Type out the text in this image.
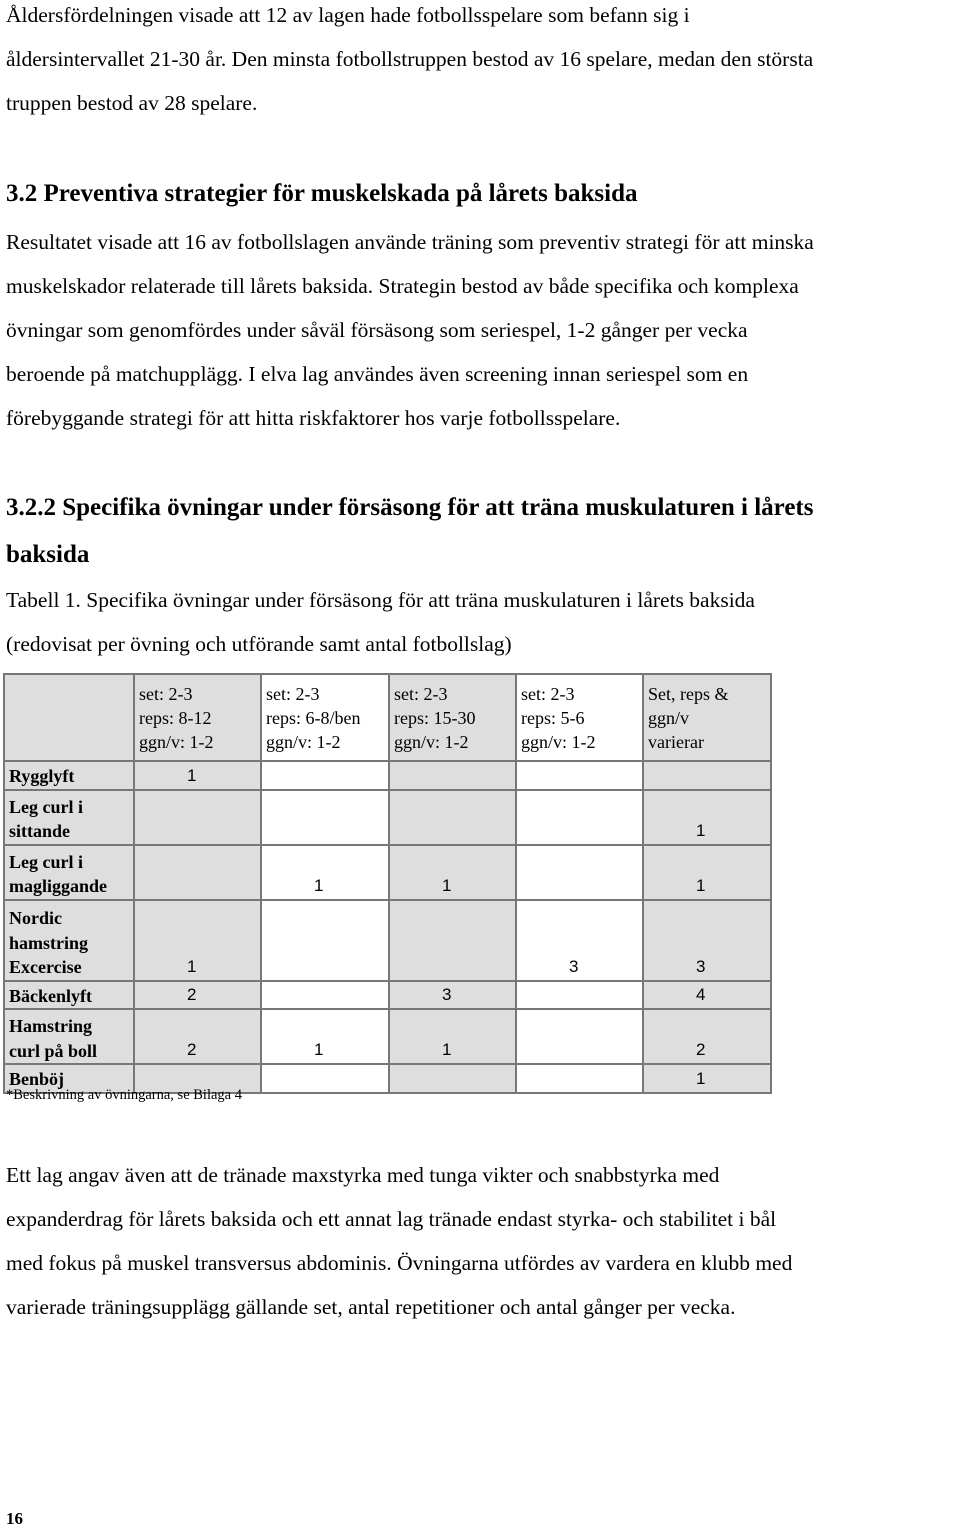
Åldersfördelningen visade att 12 av lagen hade fotbollsspelare som befann sig i
åldersintervallet 21-30 år. Den minsta fotbollstruppen bestod av 16 spelare, medan den största
truppen bestod av 28 spelare.

3.2 Preventiva strategier för muskelskada på lårets baksida

Resultatet visade att 16 av fotbollslagen använde träning som preventiv strategi för att minska
muskelskador relaterade till lårets baksida. Strategin bestod av både specifika och komplexa
övningar som genomfördes under såväl försäsong som seriespel, 1-2 gånger per vecka
beroende på matchupplägg. I elva lag användes även screening innan seriespel som en
förebyggande strategi för att hitta riskfaktorer hos varje fotbollsspelare.

3.2.2 Specifika övningar under försäsong för att träna muskulaturen i lårets
baksida

Tabell 1. Specifika övningar under försäsong för att träna muskulaturen i lårets baksida
(redovisat per övning och utförande samt antal fotbollslag)

	set: 2-3
reps: 8-12
ggn/v: 1-2	set: 2-3
reps: 6-8/ben
ggn/v: 1-2	set: 2-3
reps: 15-30
ggn/v: 1-2	set: 2-3
reps: 5-6
ggn/v: 1-2	Set, reps &
ggn/v
varierar
Rygglyft	1				

Leg curl i
sittande					1

Leg curl i
magliggande		1	1		1

Nordic
hamstring
Excercise	1			3	3

Bäckenlyft	2		3		4

Hamstring
curl på boll	2	1	1		2

Benböj					1

*Beskrivning av övningarna, se Bilaga 4

Ett lag angav även att de tränade maxstyrka med tunga vikter och snabbstyrka med
expanderdrag för lårets baksida och ett annat lag tränade endast styrka- och stabilitet i bål
med fokus på muskel transversus abdominis. Övningarna utfördes av vardera en klubb med
varierade träningsupplägg gällande set, antal repetitioner och antal gånger per vecka.

16
